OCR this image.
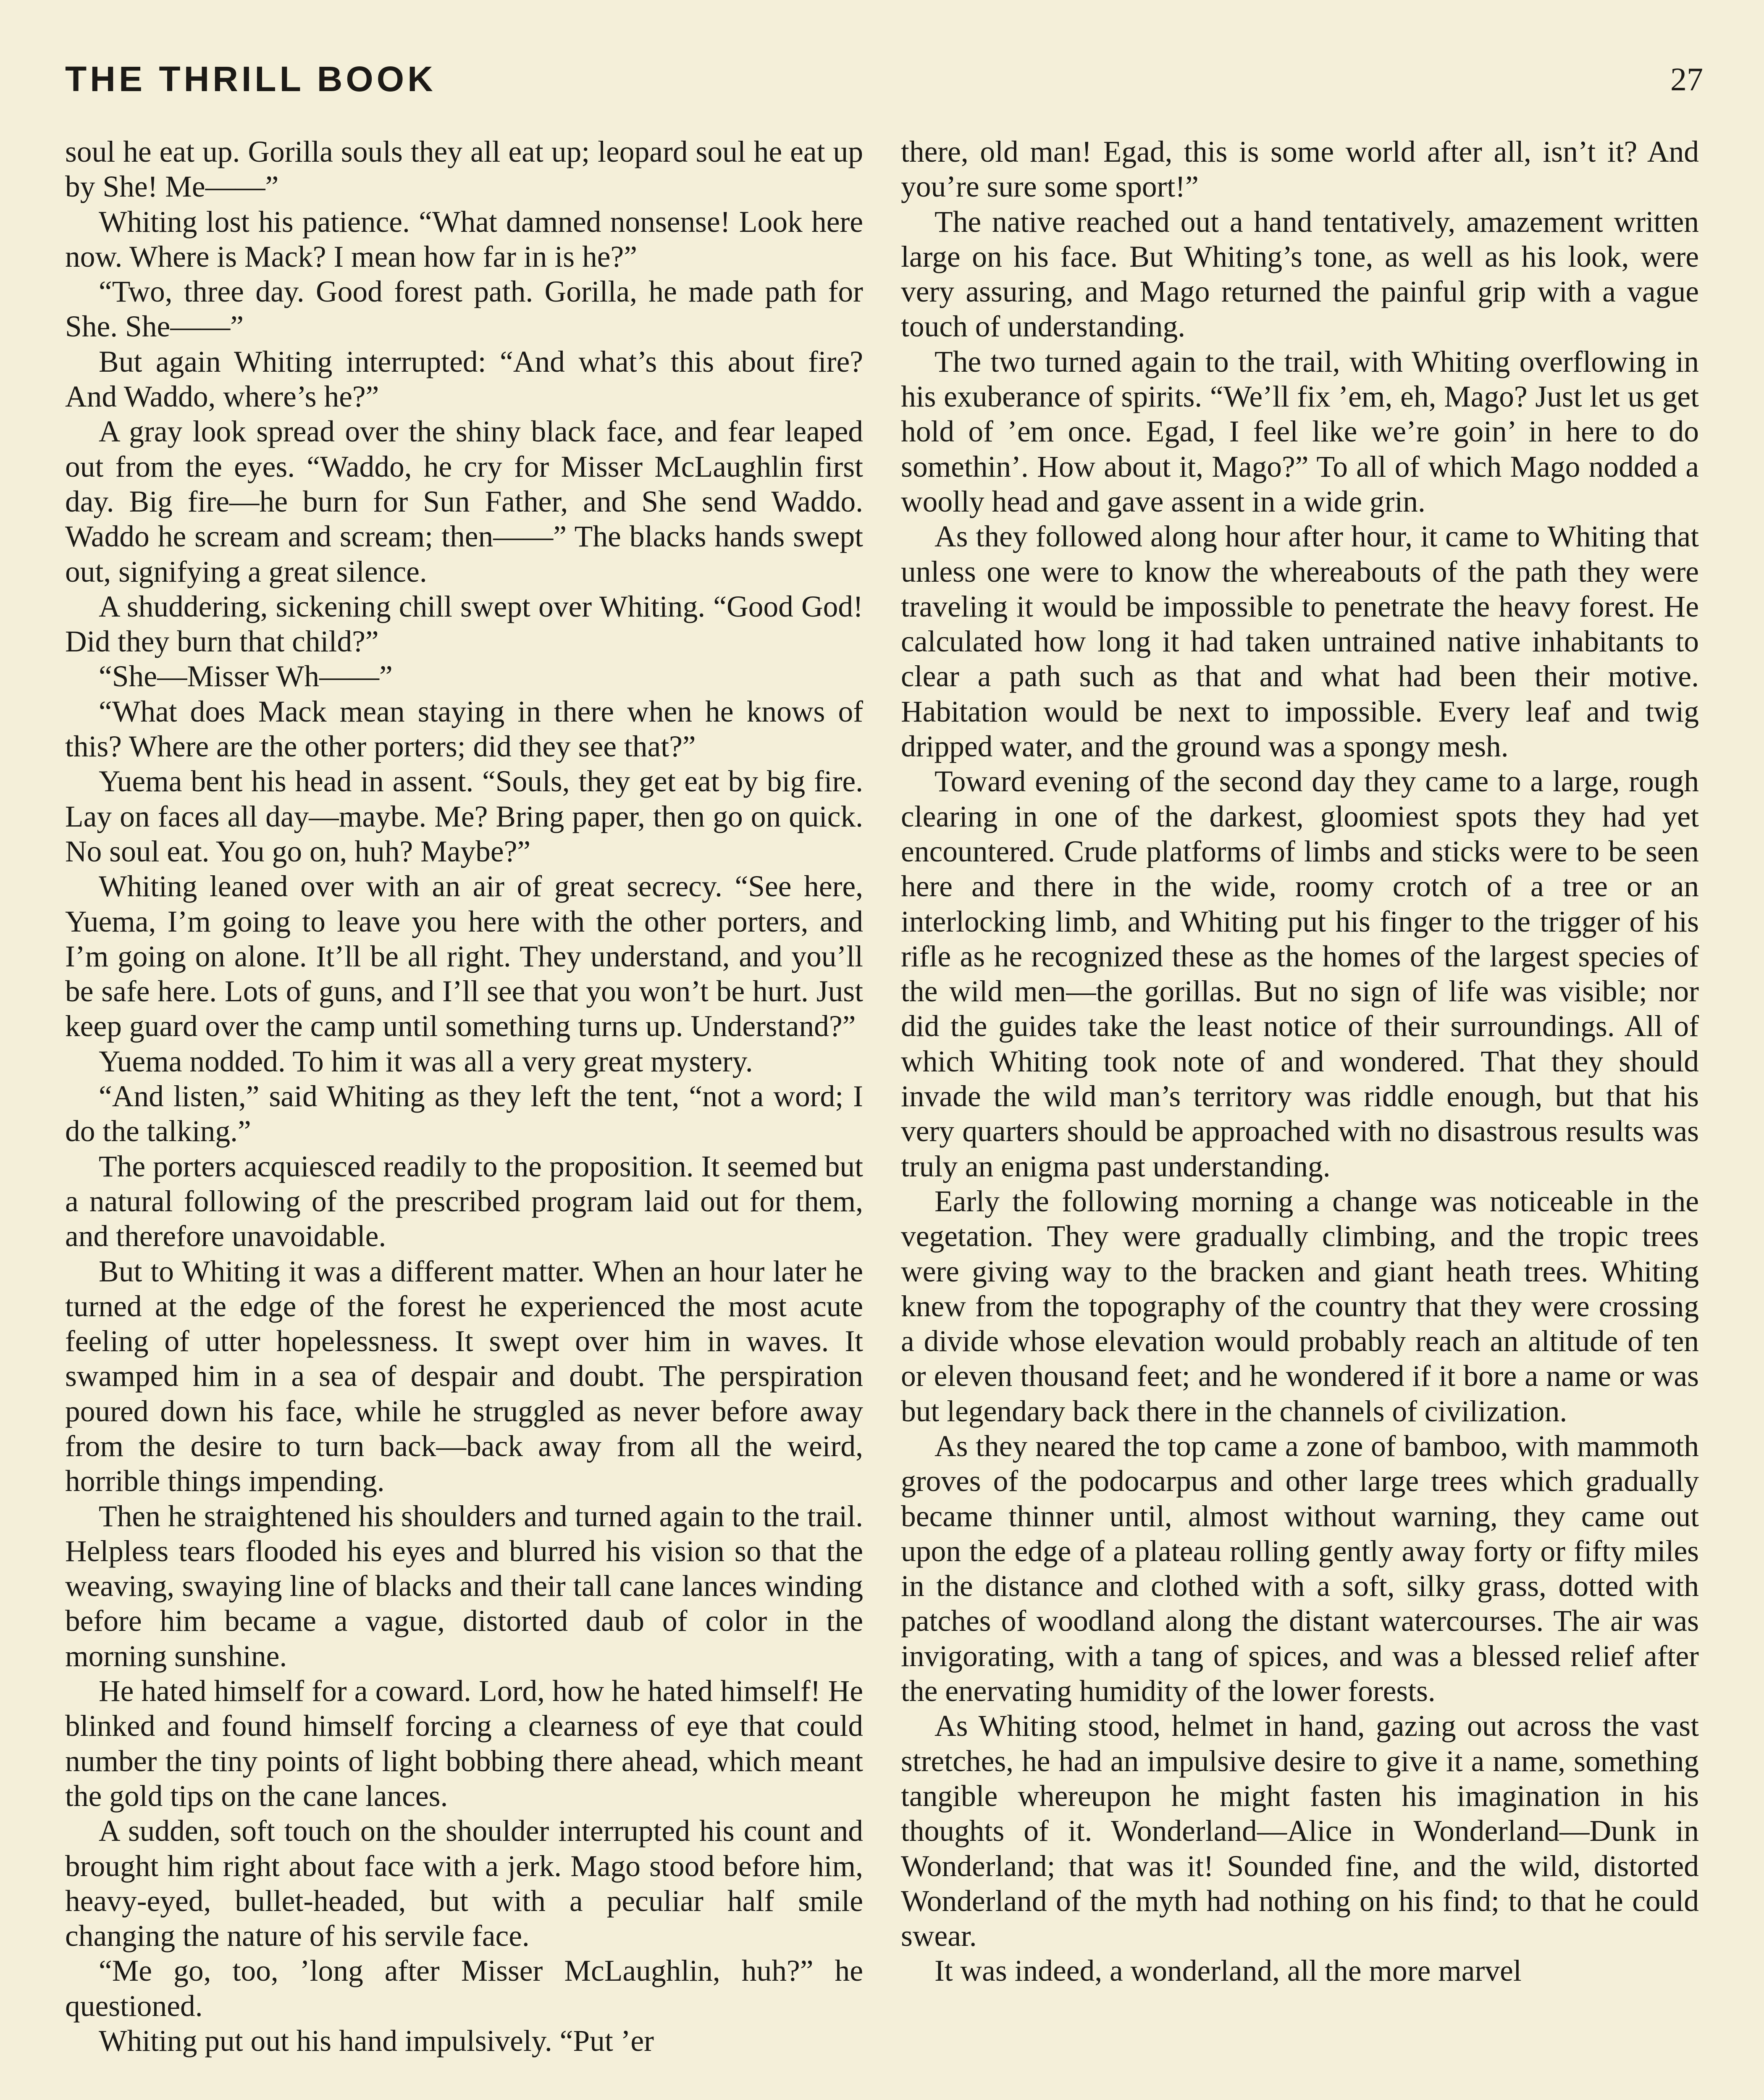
THE THRILL BOOK	27

soul he eat up. Gorilla souls they all eat up; leopard soul he eat up by She! Me——”

Whiting lost his patience. “What damned nonsense! Look here now. Where is Mack? I mean how far in is he?”

“Two, three day. Good forest path. Gorilla, he made path for She. She——”

But again Whiting interrupted: “And what’s this about fire? And Waddo, where’s he?”

A gray look spread over the shiny black face, and fear leaped out from the eyes. “Waddo, he cry for Misser McLaughlin first day. Big fire—he burn for Sun Father, and She send Waddo. Waddo he scream and scream; then——” The blacks hands swept out, signifying a great silence.

A shuddering, sickening chill swept over Whiting. “Good God! Did they burn that child?”

“She—Misser Wh——”

“What does Mack mean staying in there when he knows of this? Where are the other porters; did they see that?”

Yuema bent his head in assent. “Souls, they get eat by big fire. Lay on faces all day—maybe. Me? Bring paper, then go on quick. No soul eat. You go on, huh? Maybe?”

Whiting leaned over with an air of great secrecy. “See here, Yuema, I’m going to leave you here with the other porters, and I’m going on alone. It’ll be all right. They understand, and you’ll be safe here. Lots of guns, and I’ll see that you won’t be hurt. Just keep guard over the camp until something turns up. Understand?”

Yuema nodded. To him it was all a very great mystery.

“And listen,” said Whiting as they left the tent, “not a word; I do the talking.”

The porters acquiesced readily to the proposition. It seemed but a natural following of the prescribed program laid out for them, and therefore unavoidable.

But to Whiting it was a different matter. When an hour later he turned at the edge of the forest he experienced the most acute feeling of utter hopelessness. It swept over him in waves. It swamped him in a sea of despair and doubt. The perspiration poured down his face, while he struggled as never before away from the desire to turn back—back away from all the weird, horrible things impending.

Then he straightened his shoulders and turned again to the trail. Helpless tears flooded his eyes and blurred his vision so that the weaving, swaying line of blacks and their tall cane lances winding before him became a vague, distorted daub of color in the morning sunshine.

He hated himself for a coward. Lord, how he hated himself! He blinked and found himself forcing a clearness of eye that could number the tiny points of light bobbing there ahead, which meant the gold tips on the cane lances.

A sudden, soft touch on the shoulder interrupted his count and brought him right about face with a jerk. Mago stood before him, heavy-eyed, bullet-headed, but with a peculiar half smile changing the nature of his servile face.

“Me go, too, ’long after Misser McLaughlin, huh?” he questioned.

Whiting put out his hand impulsively. “Put ’er

there, old man! Egad, this is some world after all, isn’t it? And you’re sure some sport!”

The native reached out a hand tentatively, amazement written large on his face. But Whiting’s tone, as well as his look, were very assuring, and Mago returned the painful grip with a vague touch of understanding.

The two turned again to the trail, with Whiting overflowing in his exuberance of spirits. “We’ll fix ’em, eh, Mago? Just let us get hold of ’em once. Egad, I feel like we’re goin’ in here to do somethin’. How about it, Mago?” To all of which Mago nodded a woolly head and gave assent in a wide grin.

As they followed along hour after hour, it came to Whiting that unless one were to know the whereabouts of the path they were traveling it would be impossible to penetrate the heavy forest. He calculated how long it had taken untrained native inhabitants to clear a path such as that and what had been their motive. Habitation would be next to impossible. Every leaf and twig dripped water, and the ground was a spongy mesh.

Toward evening of the second day they came to a large, rough clearing in one of the darkest, gloomiest spots they had yet encountered. Crude platforms of limbs and sticks were to be seen here and there in the wide, roomy crotch of a tree or an interlocking limb, and Whiting put his finger to the trigger of his rifle as he recognized these as the homes of the largest species of the wild men—the gorillas. But no sign of life was visible; nor did the guides take the least notice of their surroundings. All of which Whiting took note of and wondered. That they should invade the wild man’s territory was riddle enough, but that his very quarters should be approached with no disastrous results was truly an enigma past understanding.

Early the following morning a change was noticeable in the vegetation. They were gradually climbing, and the tropic trees were giving way to the bracken and giant heath trees. Whiting knew from the topography of the country that they were crossing a divide whose elevation would probably reach an altitude of ten or eleven thousand feet; and he wondered if it bore a name or was but legendary back there in the channels of civilization.

As they neared the top came a zone of bamboo, with mammoth groves of the podocarpus and other large trees which gradually became thinner until, almost without warning, they came out upon the edge of a plateau rolling gently away forty or fifty miles in the distance and clothed with a soft, silky grass, dotted with patches of woodland along the distant watercourses. The air was invigorating, with a tang of spices, and was a blessed relief after the enervating humidity of the lower forests.

As Whiting stood, helmet in hand, gazing out across the vast stretches, he had an impulsive desire to give it a name, something tangible whereupon he might fasten his imagination in his thoughts of it. Wonderland—Alice in Wonderland—Dunk in Wonderland; that was it! Sounded fine, and the wild, distorted Wonderland of the myth had nothing on his find; to that he could swear.

It was indeed, a wonderland, all the more marvel
